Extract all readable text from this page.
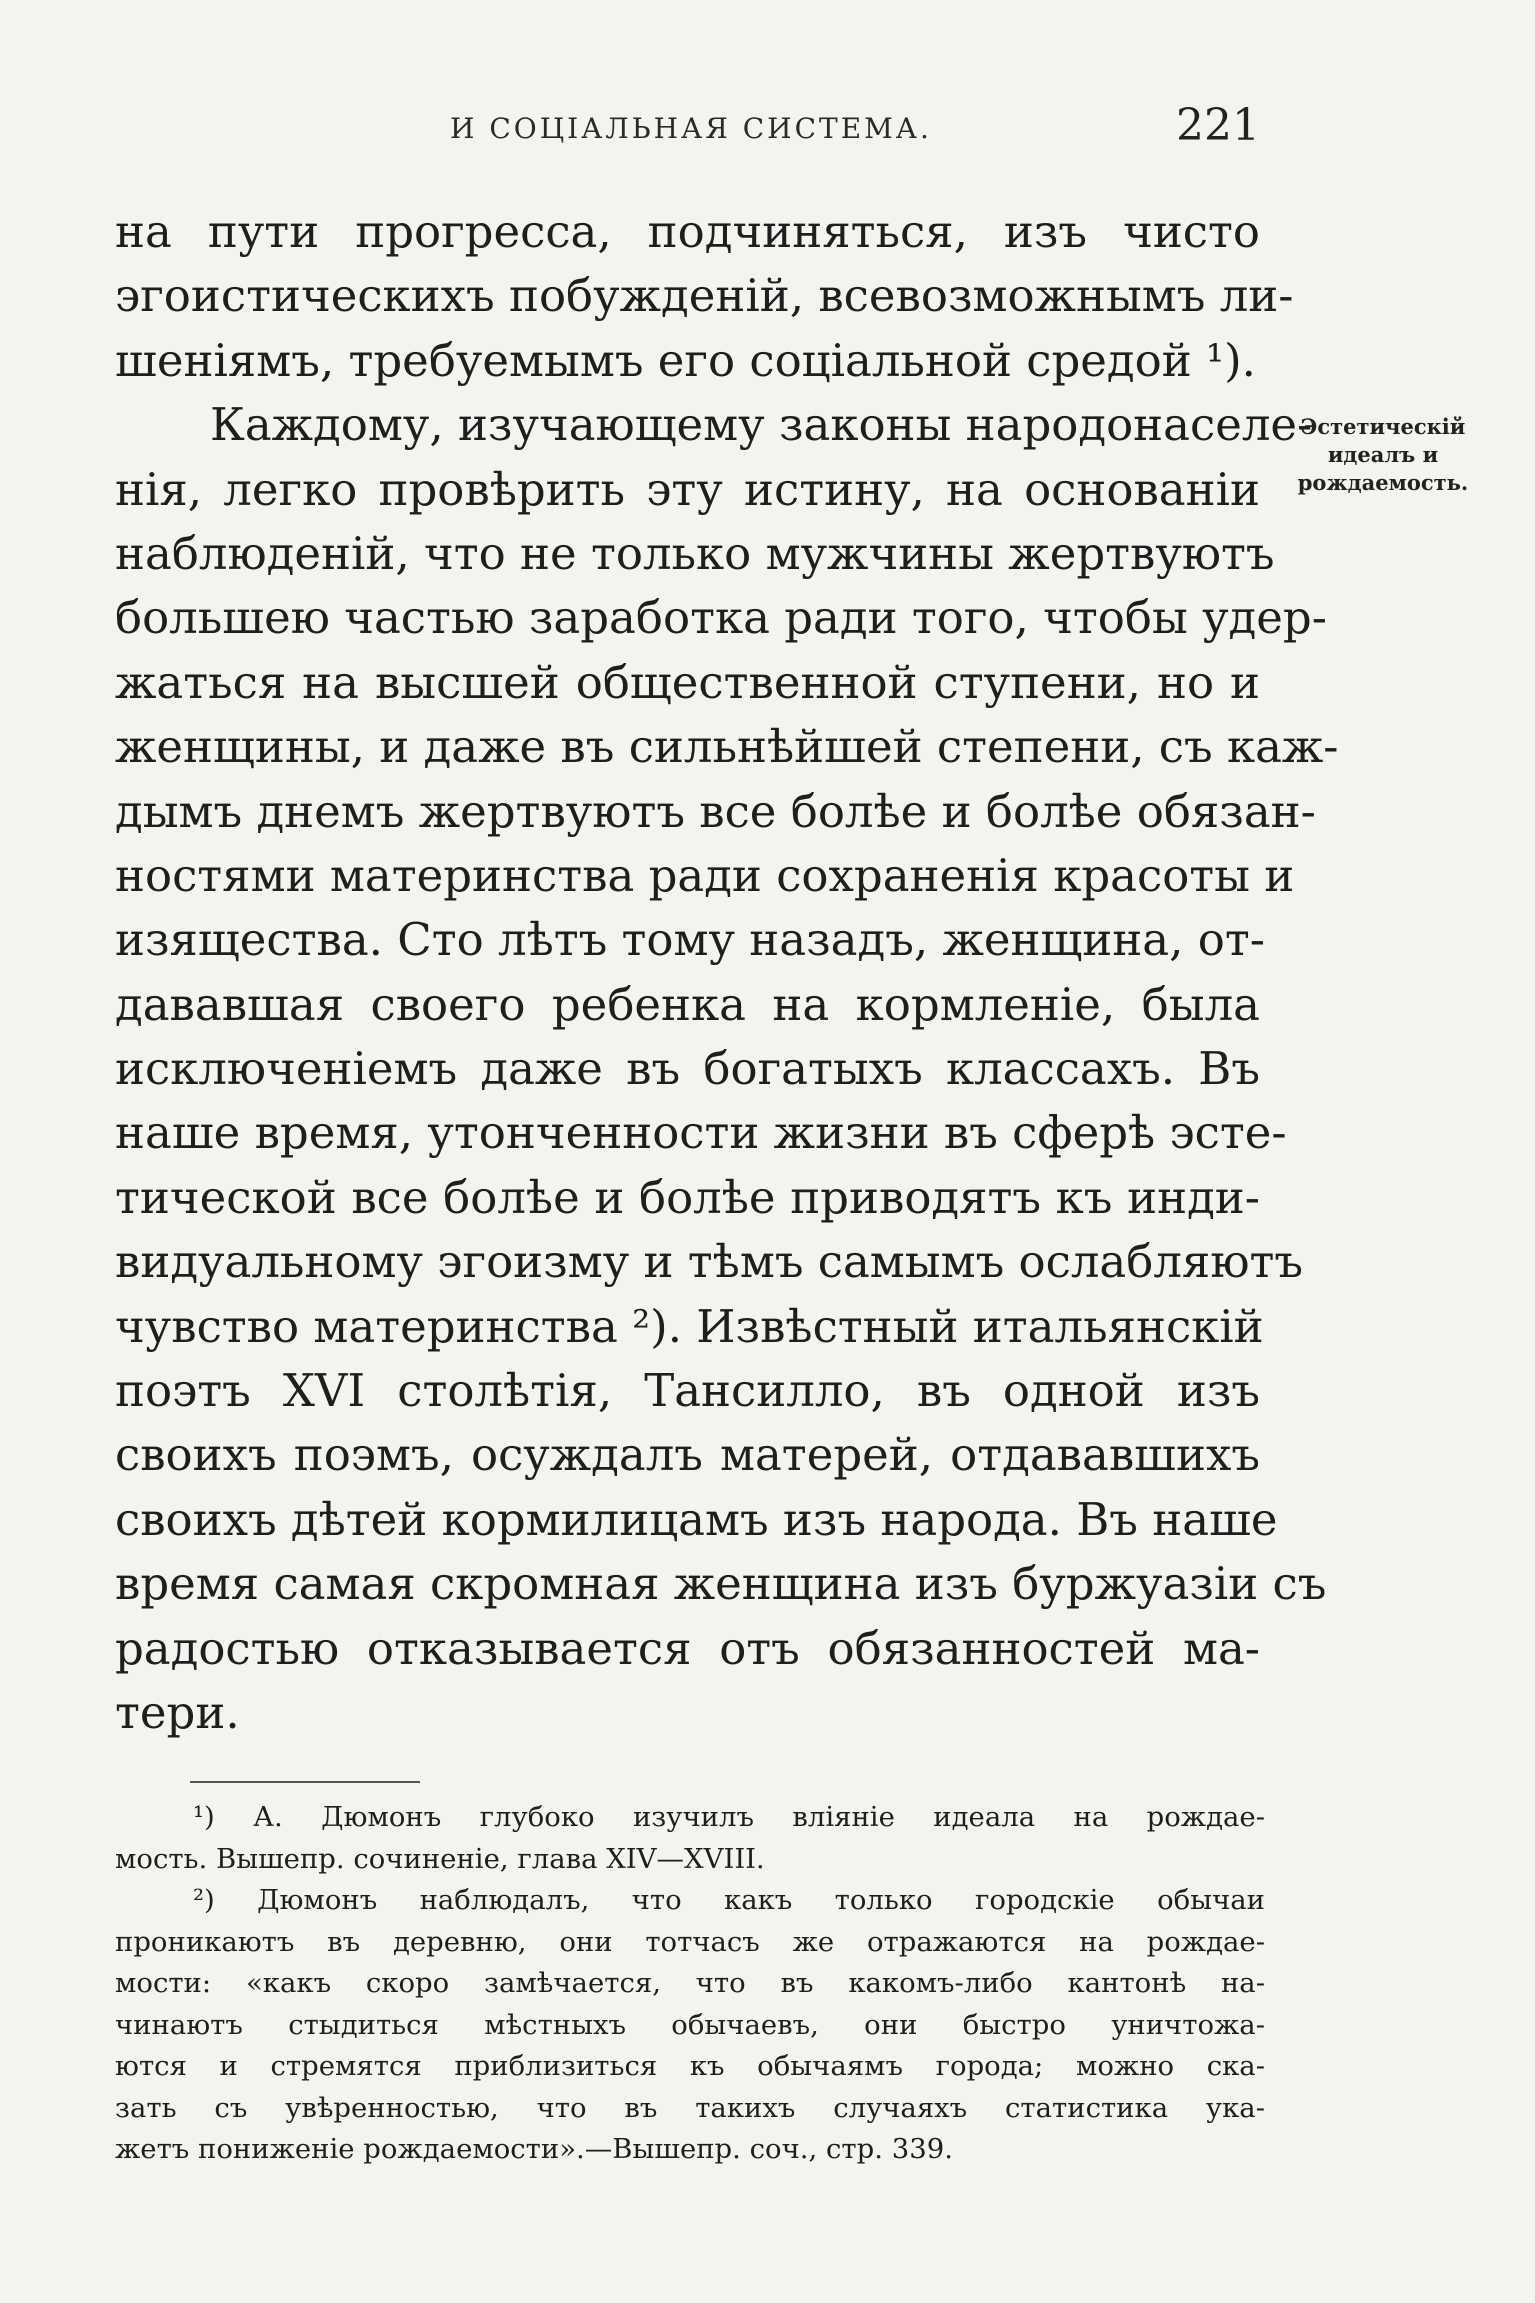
И СОЦІАЛЬНАЯ СИСТЕМА.	221
на пути прогресса, подчиняться, изъ чисто
эгоистическихъ побужденій, всевозможнымъ ли-
шеніямъ, требуемымъ его соціальной средой ¹).
Каждому, изучающему законы народонаселе-
нія, легко провѣрить эту истину, на основаніи
наблюденій, что не только мужчины жертвуютъ
большею частью заработка ради того, чтобы удер-
жаться на высшей общественной ступени, но и
женщины, и даже въ сильнѣйшей степени, съ каж-
дымъ днемъ жертвуютъ все болѣе и болѣе обязан-
ностями материнства ради сохраненія красоты и
изящества. Сто лѣтъ тому назадъ, женщина, от-
дававшая своего ребенка на кормленіе, была
исключеніемъ даже въ богатыхъ классахъ. Въ
наше время, утонченности жизни въ сферѣ эсте-
тической все болѣе и болѣе приводятъ къ инди-
видуальному эгоизму и тѣмъ самымъ ослабляютъ
чувство материнства ²). Извѣстный итальянскій
поэтъ XVI столѣтія, Тансилло, въ одной изъ
своихъ поэмъ, осуждалъ матерей, отдававшихъ
своихъ дѣтей кормилицамъ изъ народа. Въ наше
время самая скромная женщина изъ буржуазіи съ
радостью отказывается отъ обязанностей ма-
тери.
Эстетическій
идеалъ и
рождаемость.
¹) А. Дюмонъ глубоко изучилъ вліяніе идеала на рождае-
мость. Вышепр. сочиненіе, глава XIV—XVIII.
²) Дюмонъ наблюдалъ, что какъ только городскіе обычаи
проникаютъ въ деревню, они тотчасъ же отражаются на рождае-
мости: «какъ скоро замѣчается, что въ какомъ-либо кантонѣ на-
чинаютъ стыдиться мѣстныхъ обычаевъ, они быстро уничтожа-
ются и стремятся приблизиться къ обычаямъ города; можно ска-
зать съ увѣренностью, что въ такихъ случаяхъ статистика ука-
жетъ пониженіе рождаемости».—Вышепр. соч., стр. 339.
